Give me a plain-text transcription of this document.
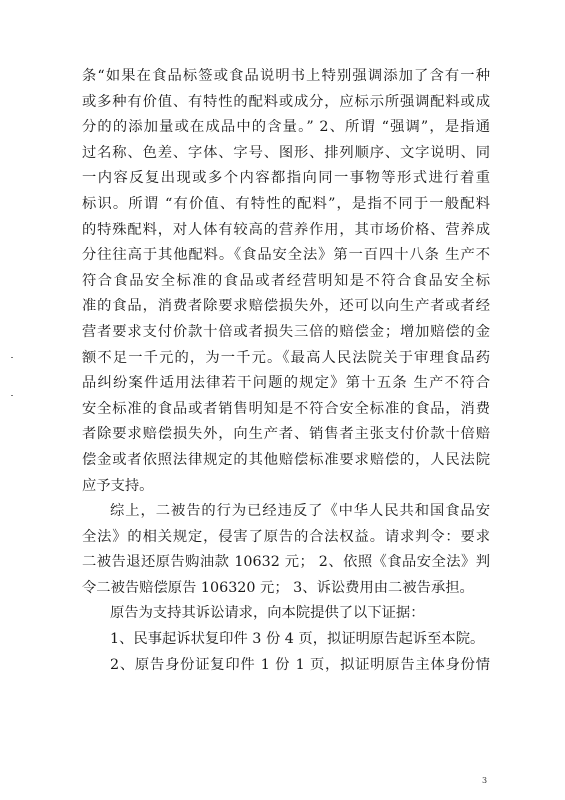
条“如果在食品标签或食品说明书上特别强调添加了含有一种
或多种有价值、有特性的配料或成分，应标示所强调配料或成
分的的添加量或在成品中的含量。” 2、所谓 “强调”，是指通
过名称、色差、字体、字号、图形、排列顺序、文字说明、同
一内容反复出现或多个内容都指向同一事物等形式进行着重
标识。所谓 “有价值、有特性的配料”，是指不同于一般配料
的特殊配料，对人体有较高的营养作用，其市场价格、营养成
分往往高于其他配料。《食品安全法》第一百四十八条 生产不
符合食品安全标准的食品或者经营明知是不符合食品安全标
准的食品，消费者除要求赔偿损失外，还可以向生产者或者经
营者要求支付价款十倍或者损失三倍的赔偿金；增加赔偿的金
额不足一千元的，为一千元。《最高人民法院关于审理食品药
品纠纷案件适用法律若干问题的规定》第十五条 生产不符合
安全标准的食品或者销售明知是不符合安全标准的食品，消费
者除要求赔偿损失外，向生产者、销售者主张支付价款十倍赔
偿金或者依照法律规定的其他赔偿标准要求赔偿的，人民法院
应予支持。
综上，二被告的行为已经违反了《中华人民共和国食品安
全法》的相关规定，侵害了原告的合法权益。请求判令：要求
二被告退还原告购油款 10632 元； 2、依照《食品安全法》判
令二被告赔偿原告 106320 元； 3、诉讼费用由二被告承担。
原告为支持其诉讼请求，向本院提供了以下证据：
1、民事起诉状复印件 3 份 4 页，拟证明原告起诉至本院。
2、原告身份证复印件 1 份 1 页，拟证明原告主体身份情
3
